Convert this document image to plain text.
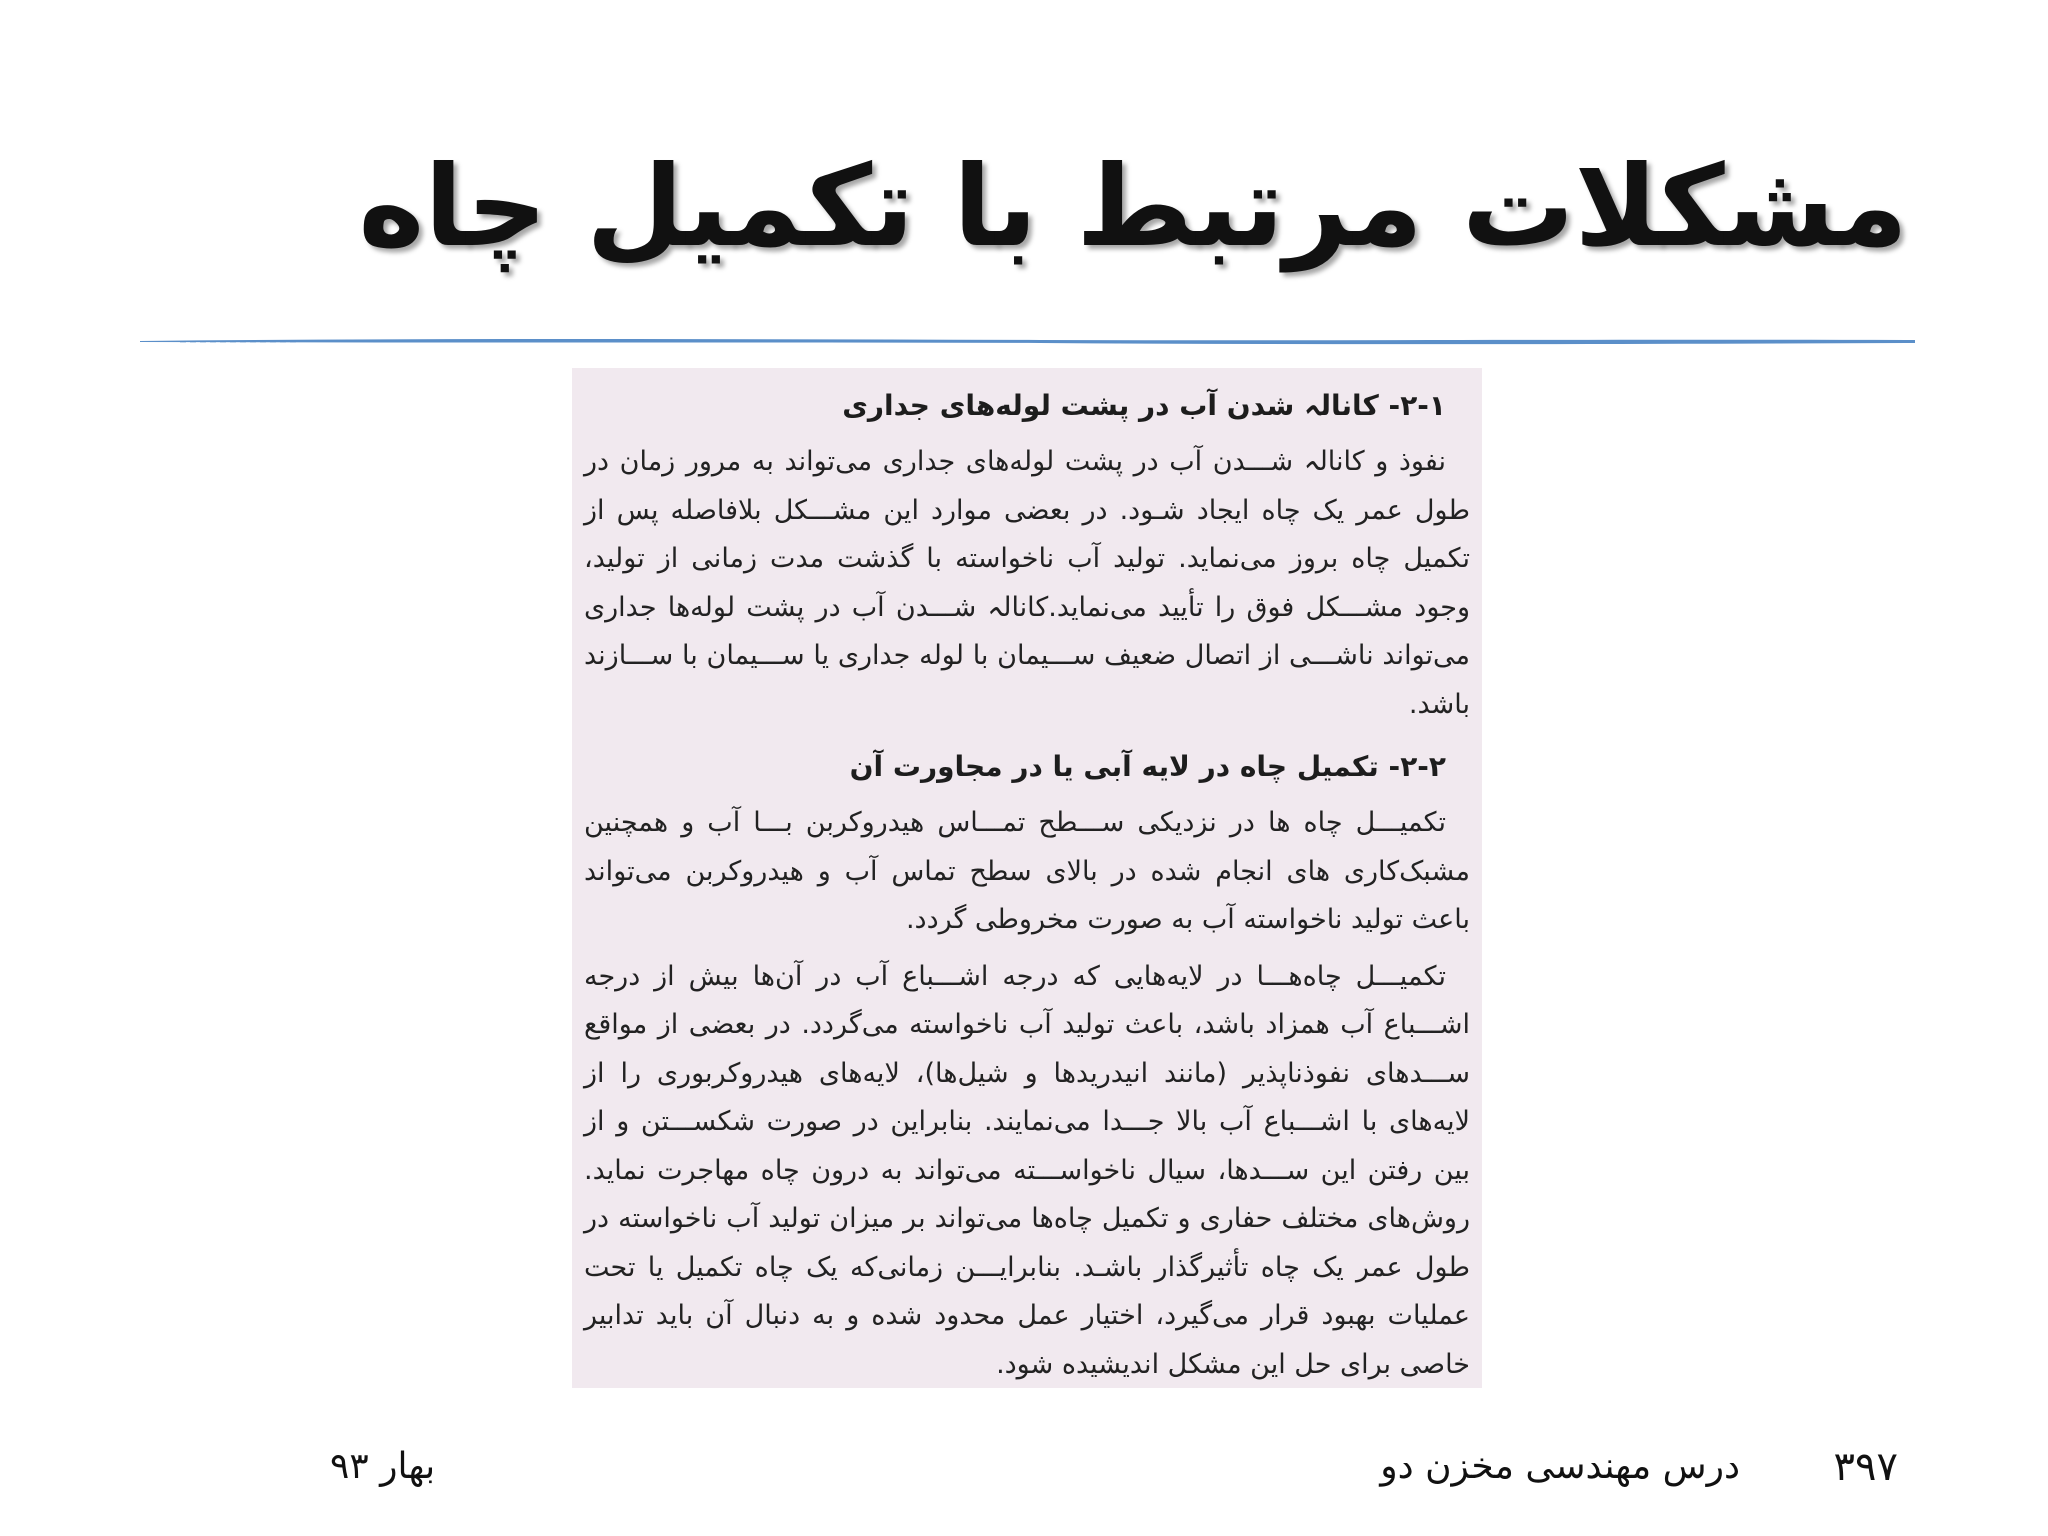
مشکلات مرتبط با تکمیل چاه
۲-۱- کانالہ شدن آب در پشت لوله‌های جداری

نفوذ و کانالہ شـــدن آب در پشت لوله‌های جداری می‌تواند به مرور زمان در طول عمر یک چاه ایجاد شـود. در بعضی موارد این مشـــکل بلافاصله پس از تکمیل چاه بروز می‌نماید. تولید آب ناخواسته با گذشت مدت زمانی از تولید، وجود مشـــکل فوق را تأیید می‌نماید.کانالہ شـــدن آب در پشت لوله‌ها جداری می‌تواند ناشـــی از اتصال ضعیف ســـیمان با لوله جداری یا ســـیمان با ســـازند باشد.

۲-۲- تکمیل چاه در لایه آبی یا در مجاورت آن

تکمیـــل چاه ها در نزدیکی ســـطح تمـــاس هیدروکربن بـــا آب و همچنین مشبک‌کاری های انجام شده در بالای سطح تماس آب و هیدروکربن می‌تواند باعث تولید ناخواسته آب به صورت مخروطی گردد.

تکمیـــل چاه‌هـــا در لایه‌هایی که درجه اشـــباع آب در آن‌ها بیش از درجه اشـــباع آب همزاد باشد، باعث تولید آب ناخواسته می‌گردد. در بعضی از مواقع ســـدهای نفوذناپذیر (مانند انیدریدها و شیل‌ها)، لایه‌های هیدروکربوری را از لایه‌های با اشـــباع آب بالا جـــدا می‌نمایند. بنابراین در صورت شکســـتن و از بین رفتن این ســـدها، سیال ناخواســـته می‌تواند به درون چاه مهاجرت نماید. روش‌های مختلف حفاری و تکمیل چاه‌ها می‌تواند بر میزان تولید آب ناخواسته در طول عمر یک چاه تأثیرگذار باشـد. بنابرایـــن زمانی‌که یک چاه تکمیل یا تحت عملیات بهبود قرار می‌گیرد، اختیار عمل محدود شده و به دنبال آن باید تدابیر خاصی برای حل این مشکل اندیشیده شود.

۳۹۷
درس مهندسی مخزن دو
بهار ۹۳
